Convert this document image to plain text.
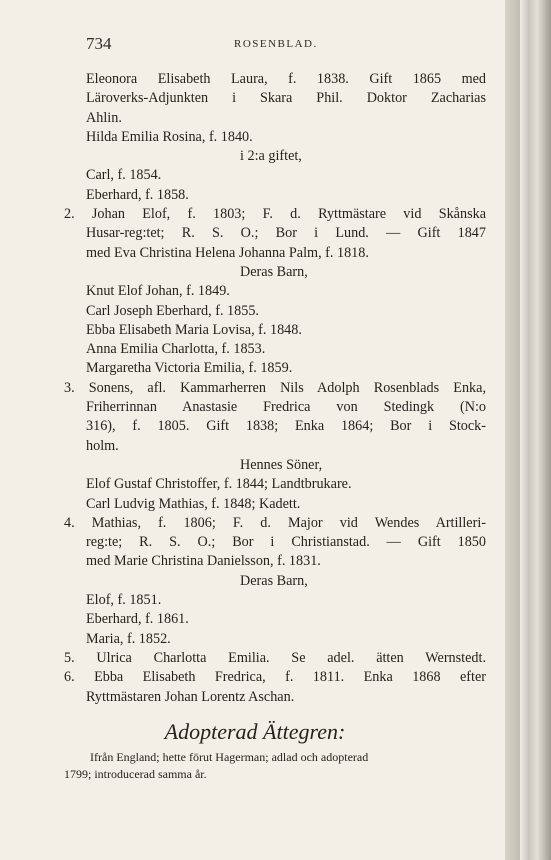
734	ROSENBLAD.
Eleonora Elisabeth Laura, f. 1838. Gift 1865 med
Läroverks-Adjunkten i Skara Phil. Doktor Zacharias
Ahlin.
Hilda Emilia Rosina, f. 1840.
i 2:a giftet,
Carl, f. 1854.
Eberhard, f. 1858.
2. Johan Elof, f. 1803; F. d. Ryttmästare vid Skånska
Husar-reg:tet; R. S. O.; Bor i Lund. — Gift 1847
med Eva Christina Helena Johanna Palm, f. 1818.
Deras Barn,
Knut Elof Johan, f. 1849.
Carl Joseph Eberhard, f. 1855.
Ebba Elisabeth Maria Lovisa, f. 1848.
Anna Emilia Charlotta, f. 1853.
Margaretha Victoria Emilia, f. 1859.
3. Sonens, afl. Kammarherren Nils Adolph Rosenblads Enka,
Friherrinnan Anastasie Fredrica von Stedingk (N:o
316), f. 1805. Gift 1838; Enka 1864; Bor i Stock-
holm.
Hennes Söner,
Elof Gustaf Christoffer, f. 1844; Landtbrukare.
Carl Ludvig Mathias, f. 1848; Kadett.
4. Mathias, f. 1806; F. d. Major vid Wendes Artilleri-
reg:te; R. S. O.; Bor i Christianstad. — Gift 1850
med Marie Christina Danielsson, f. 1831.
Deras Barn,
Elof, f. 1851.
Eberhard, f. 1861.
Maria, f. 1852.
5. Ulrica Charlotta Emilia. Se adel. ätten Wernstedt.
6. Ebba Elisabeth Fredrica, f. 1811. Enka 1868 efter
Ryttmästaren Johan Lorentz Aschan.
Adopterad Ättegren:
Ifrån England; hette förut Hagerman; adlad och adopterad
1799; introducerad samma år.
